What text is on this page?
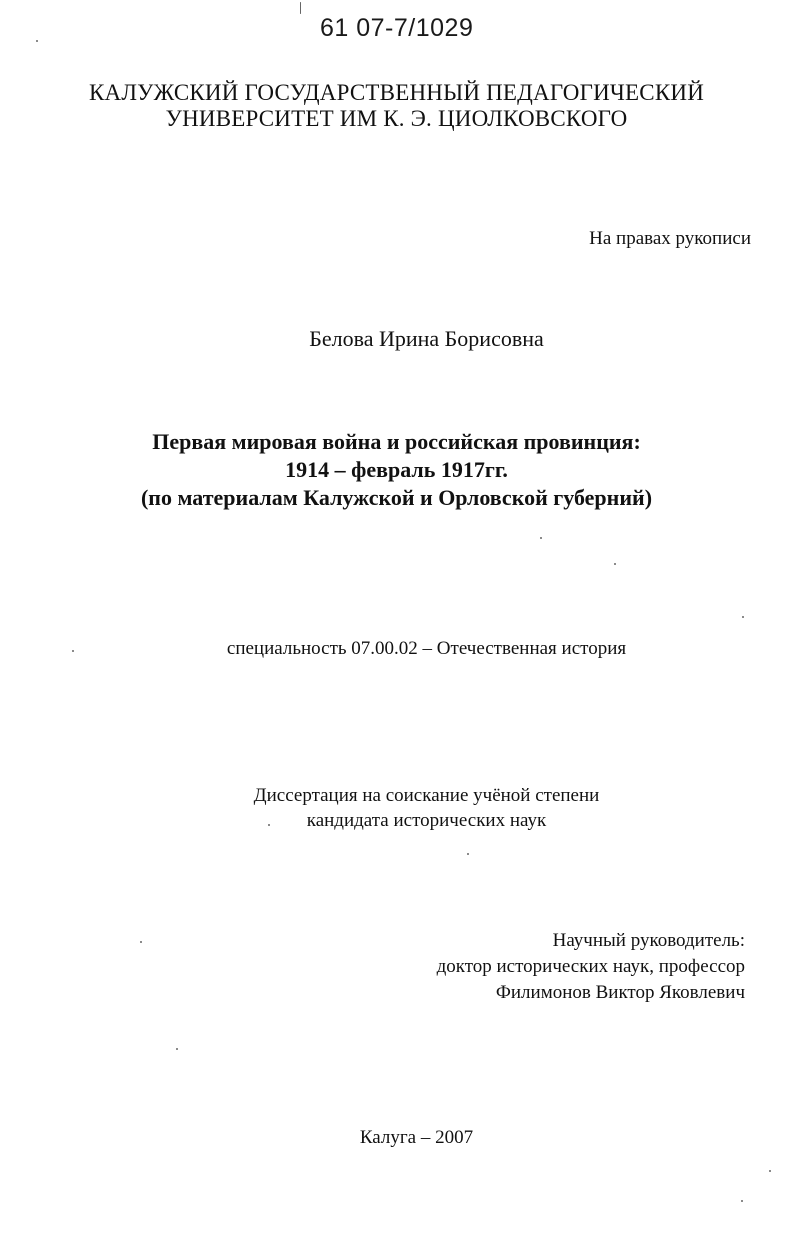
61 07-7/1029
КАЛУЖСКИЙ ГОСУДАРСТВЕННЫЙ ПЕДАГОГИЧЕСКИЙ
УНИВЕРСИТЕТ ИМ К. Э. ЦИОЛКОВСКОГО
На правах рукописи
Белова Ирина Борисовна
Первая мировая война и российская провинция:
1914 – февраль 1917гг.
(по материалам Калужской и Орловской губерний)
специальность 07.00.02 – Отечественная история
Диссертация на соискание учёной степени
кандидата исторических наук
Научный руководитель:
доктор исторических наук, профессор
Филимонов Виктор Яковлевич
Калуга – 2007
